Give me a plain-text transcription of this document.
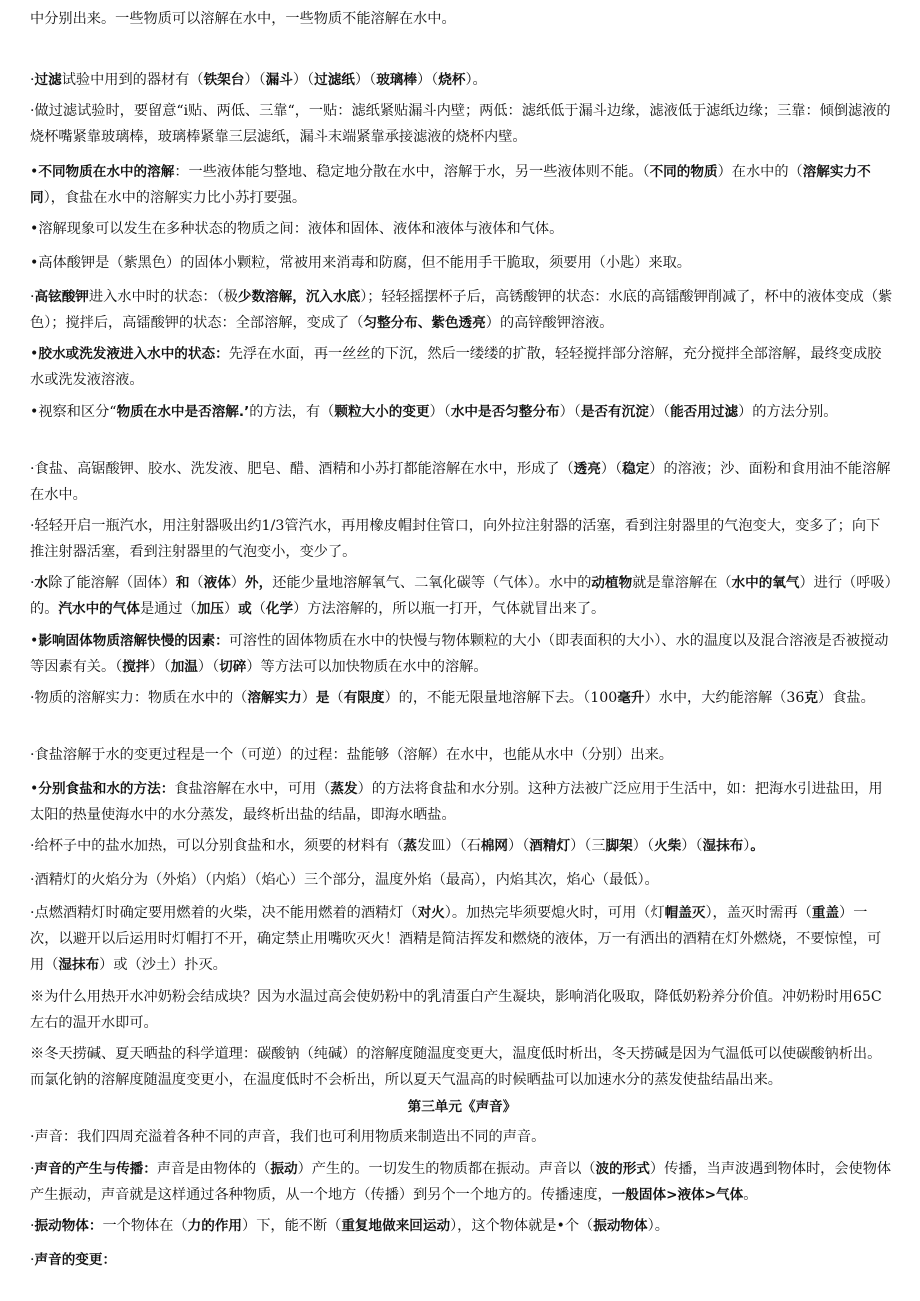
中分别出来。一些物质可以溶解在水中，一些物质不能溶解在水中。
·过滤试验中用到的器材有（铁架台）（漏斗）（过滤纸）（玻璃棒）（烧杯）。
·做过滤试验时，要留意“i贴、两低、三靠“，一贴：滤纸紧贴漏斗内壁；两低：滤纸低于漏斗边缘，滤液低于滤纸边缘；三靠：倾倒滤液的烧杯嘴紧靠玻璃棒，玻璃棒紧靠三层滤纸，漏斗末端紧靠承接滤液的烧杯内壁。
•不同物质在水中的溶解：一些液体能匀整地、稳定地分散在水中，溶解于水，另一些液体则不能。（不同的物质）在水中的（溶解实力不同），食盐在水中的溶解实力比小苏打要强。
•溶解现象可以发生在多种状态的物质之间：液体和固体、液体和液体与液体和气体。
•高体酸钾是（紫黑色）的固体小颗粒，常被用来消毒和防腐，但不能用手干脆取，须要用（小匙）来取。
·高铉酸钾进入水中时的状态：（极少数溶解，沉入水底）；轻轻摇摆杯子后，高锈酸钾的状态：水底的高镭酸钾削减了，杯中的液体变成（紫色）；搅拌后，高镭酸钾的状态：全部溶解，变成了（匀整分布、紫色透亮）的高锌酸钾溶液。
•胶水或洗发液进入水中的状态：先浮在水面，再一丝丝的下沉，然后一缕缕的扩散，轻轻搅拌部分溶解，充分搅拌全部溶解，最终变成胶水或洗发液溶液。
•视察和区分“物质在水中是否溶解.’的方法，有（颗粒大小的变更）（水中是否匀整分布）（是否有沉淀）（能否用过滤）的方法分别。
·食盐、高锯酸钾、胶水、洗发液、肥皂、醋、酒精和小苏打都能溶解在水中，形成了（透亮）（稳定）的溶液；沙、面粉和食用油不能溶解在水中。
·轻轻开启一瓶汽水，用注射器吸出约1/3管汽水，再用橡皮帽封住管口，向外拉注射器的活塞，看到注射器里的气泡变大，变多了；向下推注射器活塞，看到注射器里的气泡变小，变少了。
·水除了能溶解（固体）和（液体）外，还能少量地溶解氧气、二氧化碳等（气体）。水中的动植物就是靠溶解在（水中的氧气）进行（呼吸）的。汽水中的气体是通过（加压）或（化学）方法溶解的，所以瓶一打开，气体就冒出来了。
•影响固体物质溶解快慢的因素：可溶性的固体物质在水中的快慢与物体颗粒的大小（即表面积的大小）、水的温度以及混合溶液是否被搅动等因素有关。（搅拌）（加温）（切碎）等方法可以加快物质在水中的溶解。
·物质的溶解实力：物质在水中的（溶解实力）是（有限度）的，不能无限量地溶解下去。（100毫升）水中，大约能溶解（36克）食盐。
·食盐溶解于水的变更过程是一个（可逆）的过程：盐能够（溶解）在水中，也能从水中（分别）出来。
•分别食盐和水的方法：食盐溶解在水中，可用（蒸发）的方法将食盐和水分别。这种方法被广泛应用于生活中，如：把海水引进盐田，用太阳的热量使海水中的水分蒸发，最终析出盐的结晶，即海水晒盐。
·给杯子中的盐水加热，可以分别食盐和水，须要的材料有（蒸发皿）（石棉网）（酒精灯）（三脚架）（火柴）（湿抹布）。
·酒精灯的火焰分为（外焰）（内焰）（焰心）三个部分，温度外焰（最高），内焰其次，焰心（最低）。
·点燃酒精灯时确定要用燃着的火柴，决不能用燃着的酒精灯（对火）。加热完毕须要熄火时，可用（灯帽盖灭），盖灭时需再（重盖）一次，以避开以后运用时灯帽打不开，确定禁止用嘴吹灭火！酒精是简洁挥发和燃烧的液体，万一有洒出的酒精在灯外燃烧，不要惊惶，可用（湿抹布）或（沙土）扑灭。
※为什么用热开水冲奶粉会结成块？因为水温过高会使奶粉中的乳清蛋白产生凝块，影响消化吸取，降低奶粉养分价值。冲奶粉时用65C左右的温开水即可。
※冬天捞碱、夏天晒盐的科学道理：碳酸钠（纯碱）的溶解度随温度变更大，温度低时析出，冬天捞碱是因为气温低可以使碳酸钠析出。而氯化钠的溶解度随温度变更小，在温度低时不会析出，所以夏天气温高的时候晒盐可以加速水分的蒸发使盐结晶出来。
第三单元《声音》
·声音：我们四周充溢着各种不同的声音，我们也可利用物质来制造出不同的声音。
·声音的产生与传播：声音是由物体的（振动）产生的。一切发生的物质都在振动。声音以（波的形式）传播，当声波遇到物体时，会使物体产生振动，声音就是这样通过各种物质，从一个地方（传播）到另个一个地方的。传播速度，一般固体>液体>气体。
·振动物体：一个物体在（力的作用）下，能不断（重复地做来回运动），这个物体就是•个（振动物体）。
·声音的变更：
